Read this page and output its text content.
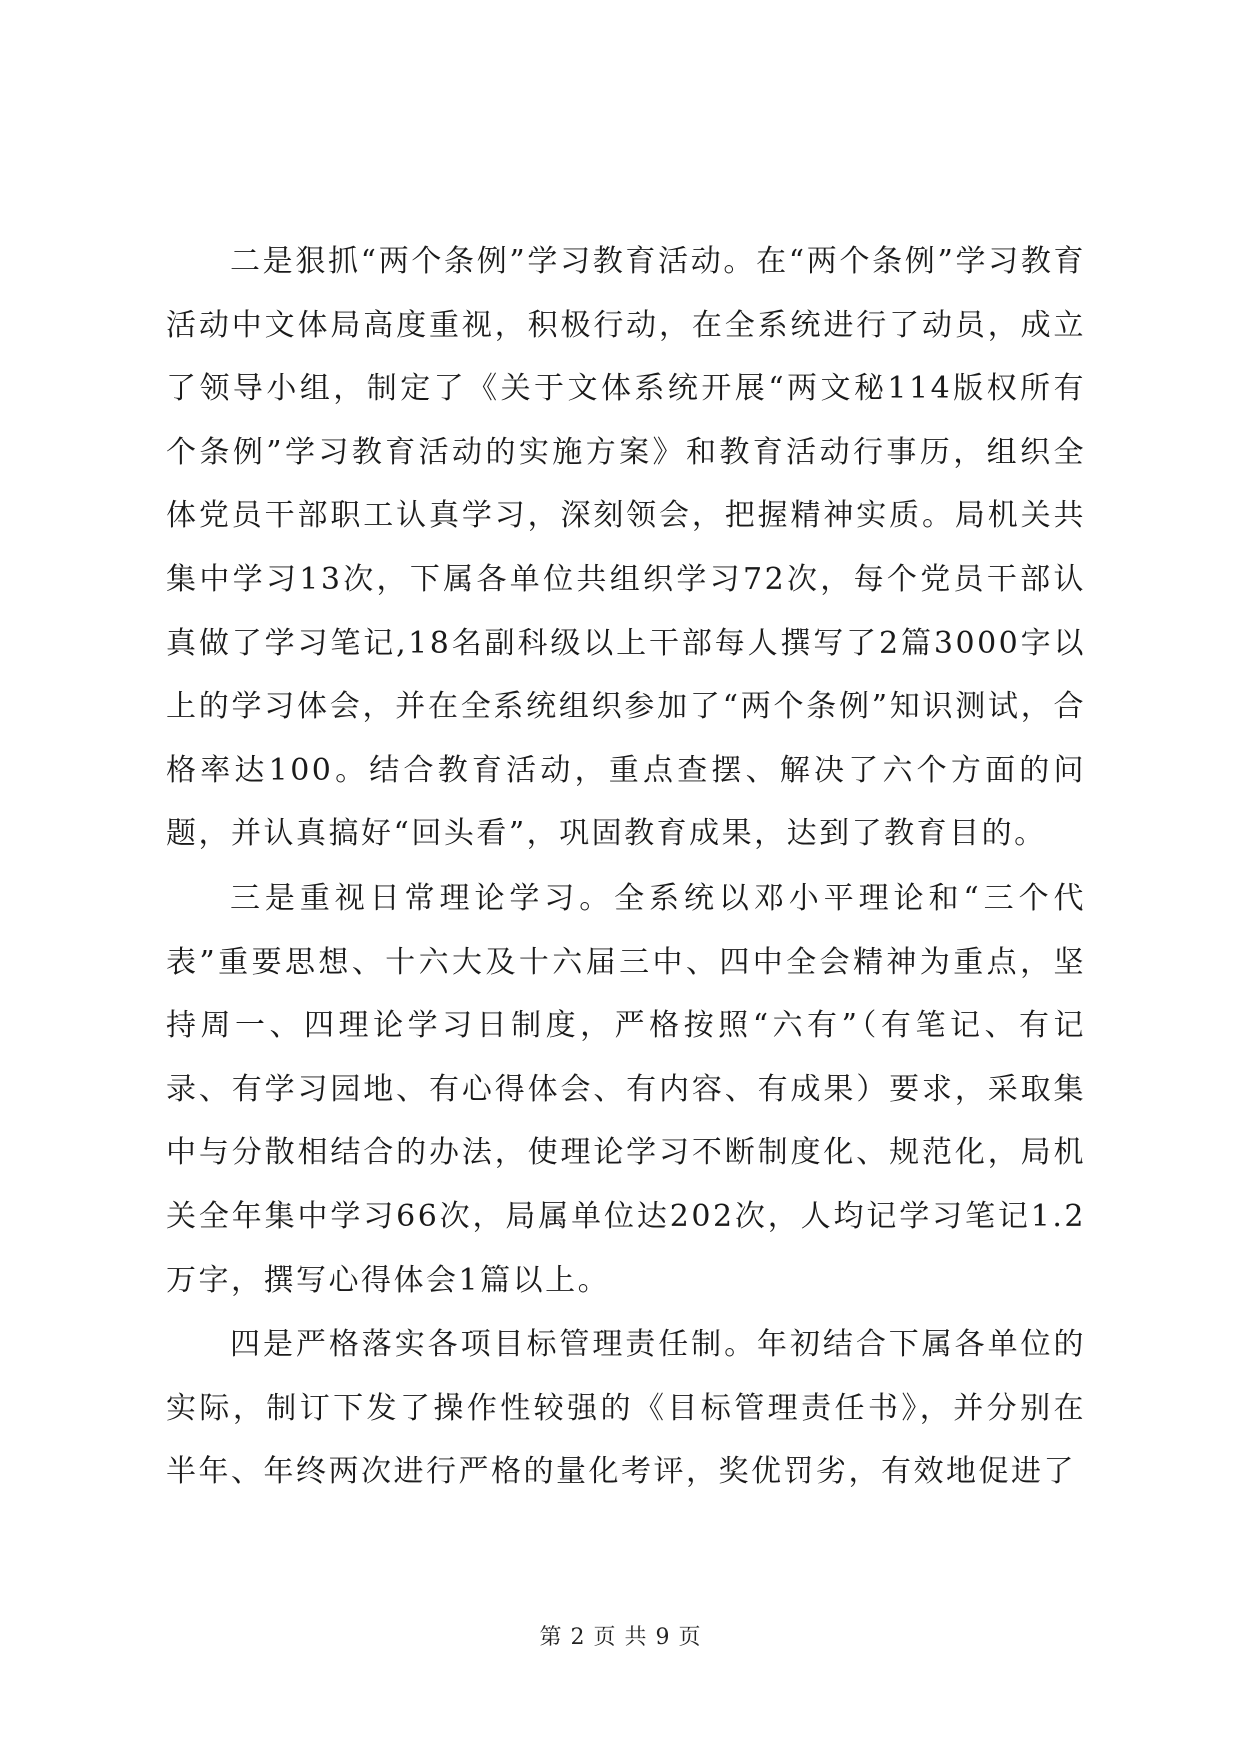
二是狠抓“两个条例”学习教育活动。在“两个条例”学习教育活动中文体局高度重视，积极行动，在全系统进行了动员，成立了领导小组，制定了《关于文体系统开展“两文秘114版权所有个条例”学习教育活动的实施方案》和教育活动行事历，组织全体党员干部职工认真学习，深刻领会，把握精神实质。局机关共集中学习13次，下属各单位共组织学习72次，每个党员干部认真做了学习笔记,18名副科级以上干部每人撰写了2篇3000字以上的学习体会，并在全系统组织参加了“两个条例”知识测试，合格率达100。结合教育活动，重点查摆、解决了六个方面的问题，并认真搞好“回头看”，巩固教育成果，达到了教育目的。

三是重视日常理论学习。全系统以邓小平理论和“三个代表”重要思想、十六大及十六届三中、四中全会精神为重点，坚持周一、四理论学习日制度，严格按照“六有”（有笔记、有记录、有学习园地、有心得体会、有内容、有成果）要求，采取集中与分散相结合的办法，使理论学习不断制度化、规范化，局机关全年集中学习66次，局属单位达202次，人均记学习笔记1.2万字，撰写心得体会1篇以上。

四是严格落实各项目标管理责任制。年初结合下属各单位的实际，制订下发了操作性较强的《目标管理责任书》，并分别在半年、年终两次进行严格的量化考评，奖优罚劣，有效地促进了

第 2 页 共 9 页
